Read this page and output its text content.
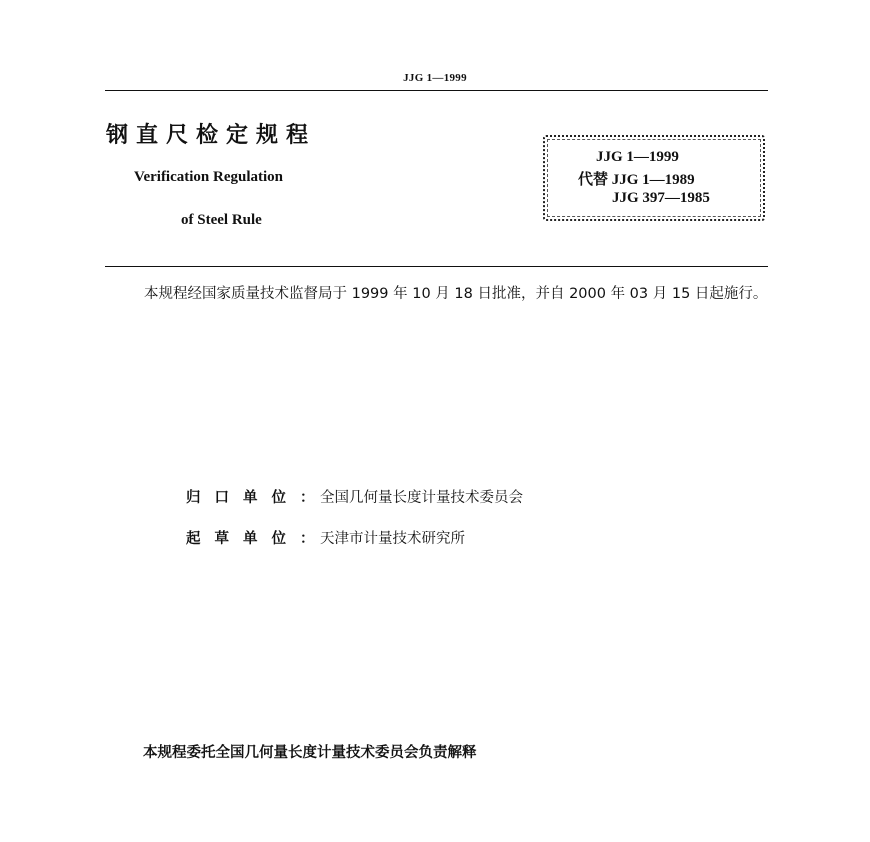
JJG 1—1999
钢直尺检定规程
Verification Regulation
of Steel Rule
JJG 1—1999
代替 JJG 1—1989
JJG 397—1985
本规程经国家质量技术监督局于 1999 年 10 月 18 日批准，并自 2000 年 03 月 15 日起施行。
归口单位：全国几何量长度计量技术委员会
起草单位：天津市计量技术研究所
本规程委托全国几何量长度计量技术委员会负责解释
